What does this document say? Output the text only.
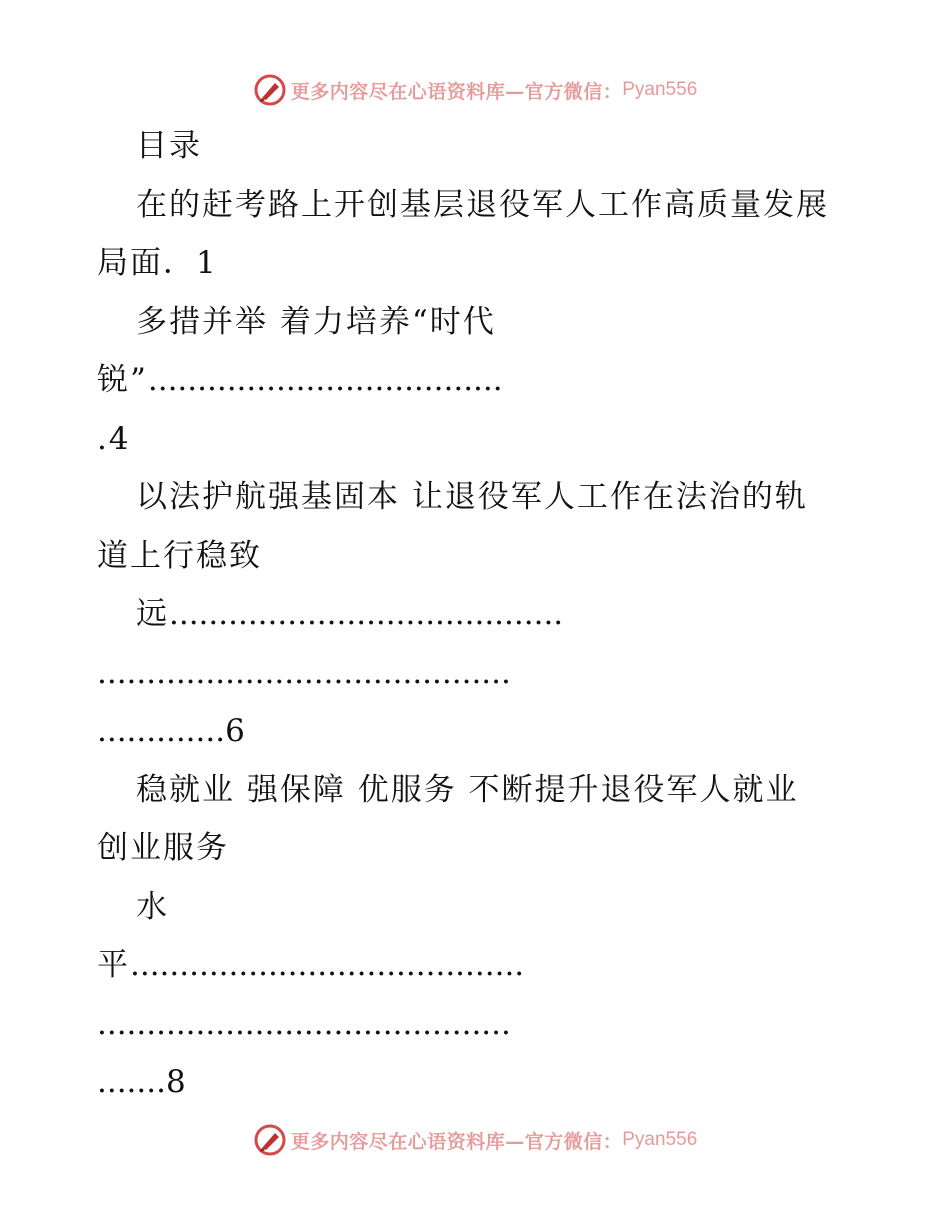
更多内容尽在心语资料库—官方微信： Pyan556
目录
在的赶考路上开创基层退役军人工作高质量发展
局面．1
多措并举 着力培养“时代
锐”....................................
.4
以法护航强基固本 让退役军人工作在法治的轨
道上行稳致
远........................................
..........................................
.............6
稳就业 强保障 优服务 不断提升退役军人就业
创业服务
水
平........................................
..........................................
.......8
更多内容尽在心语资料库—官方微信： Pyan556
